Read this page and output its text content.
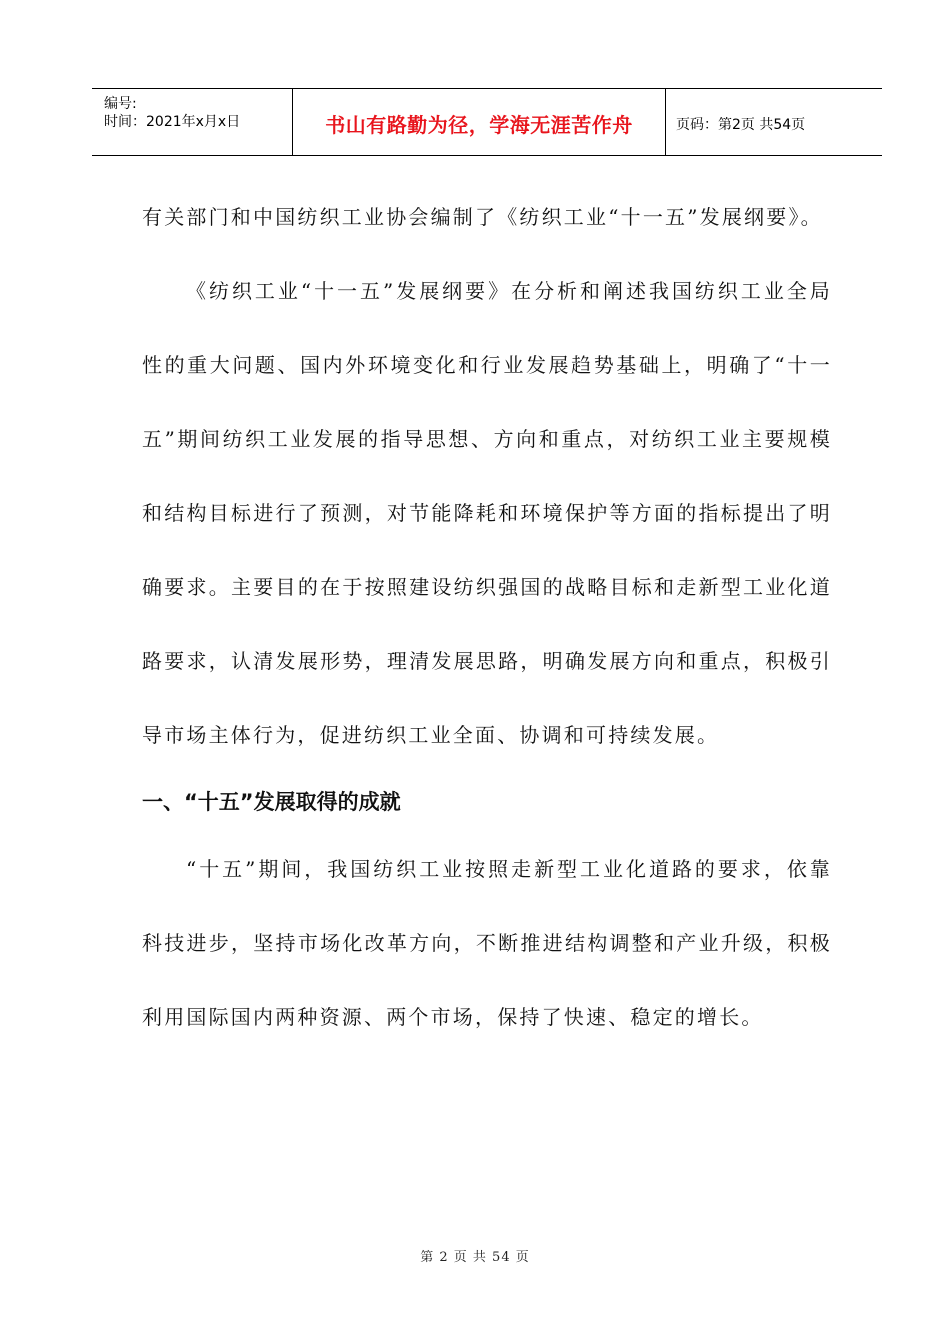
编号:
时间：2021年x月x日	书山有路勤为径，学海无涯苦作舟	页码：第2页 共54页

有关部门和中国纺织工业协会编制了《纺织工业“十一五”发展纲要》。

《纺织工业“十一五”发展纲要》在分析和阐述我国纺织工业全局性的重大问题、国内外环境变化和行业发展趋势基础上，明确了“十一五”期间纺织工业发展的指导思想、方向和重点，对纺织工业主要规模和结构目标进行了预测，对节能降耗和环境保护等方面的指标提出了明确要求。主要目的在于按照建设纺织强国的战略目标和走新型工业化道路要求，认清发展形势，理清发展思路，明确发展方向和重点，积极引导市场主体行为，促进纺织工业全面、协调和可持续发展。

一、“十五”发展取得的成就

“十五”期间，我国纺织工业按照走新型工业化道路的要求，依靠科技进步，坚持市场化改革方向，不断推进结构调整和产业升级，积极利用国际国内两种资源、两个市场，保持了快速、稳定的增长。

第 2 页 共 54 页
